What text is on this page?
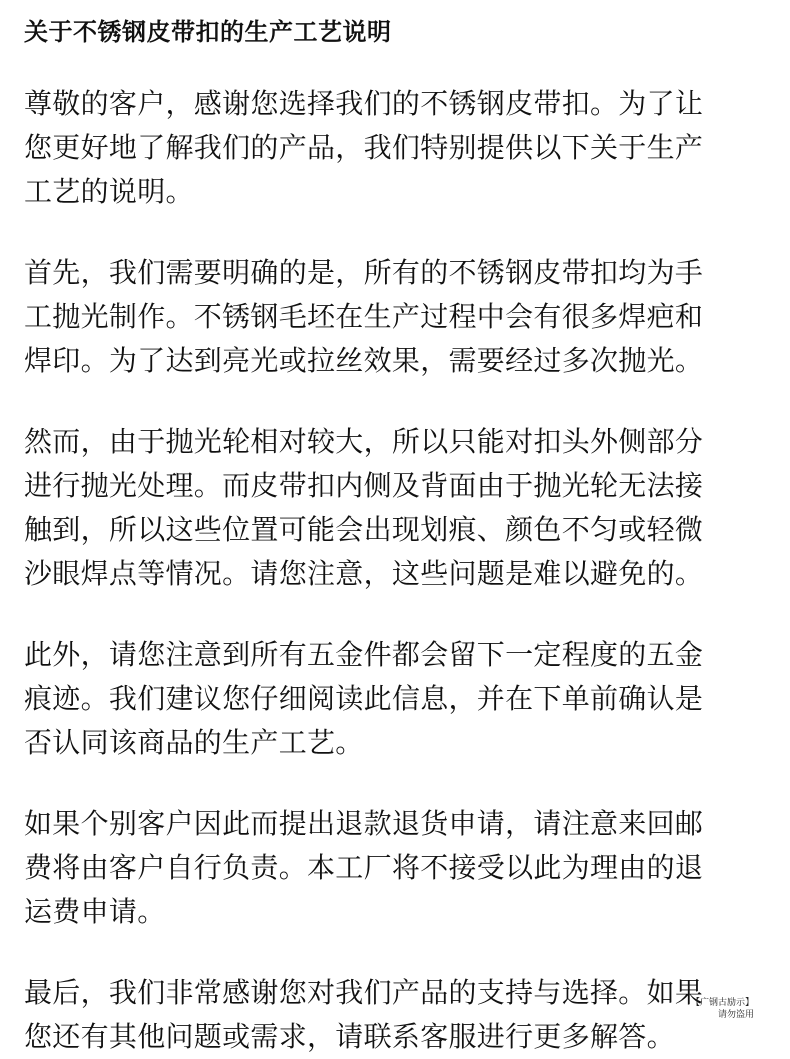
关于不锈钢皮带扣的生产工艺说明
尊敬的客户，感谢您选择我们的不锈钢皮带扣。为了让
您更好地了解我们的产品，我们特别提供以下关于生产
工艺的说明。
首先，我们需要明确的是，所有的不锈钢皮带扣均为手
工抛光制作。不锈钢毛坯在生产过程中会有很多焊疤和
焊印。为了达到亮光或拉丝效果，需要经过多次抛光。
然而，由于抛光轮相对较大，所以只能对扣头外侧部分
进行抛光处理。而皮带扣内侧及背面由于抛光轮无法接
触到，所以这些位置可能会出现划痕、颜色不匀或轻微
沙眼焊点等情况。请您注意，这些问题是难以避免的。
此外，请您注意到所有五金件都会留下一定程度的五金
痕迹。我们建议您仔细阅读此信息，并在下单前确认是
否认同该商品的生产工艺。
如果个别客户因此而提出退款退货申请，请注意来回邮
费将由客户自行负责。本工厂将不接受以此为理由的退
运费申请。
最后，我们非常感谢您对我们产品的支持与选择。如果
您还有其他问题或需求，请联系客服进行更多解答。
【广钢古励示】
请勿盗用
